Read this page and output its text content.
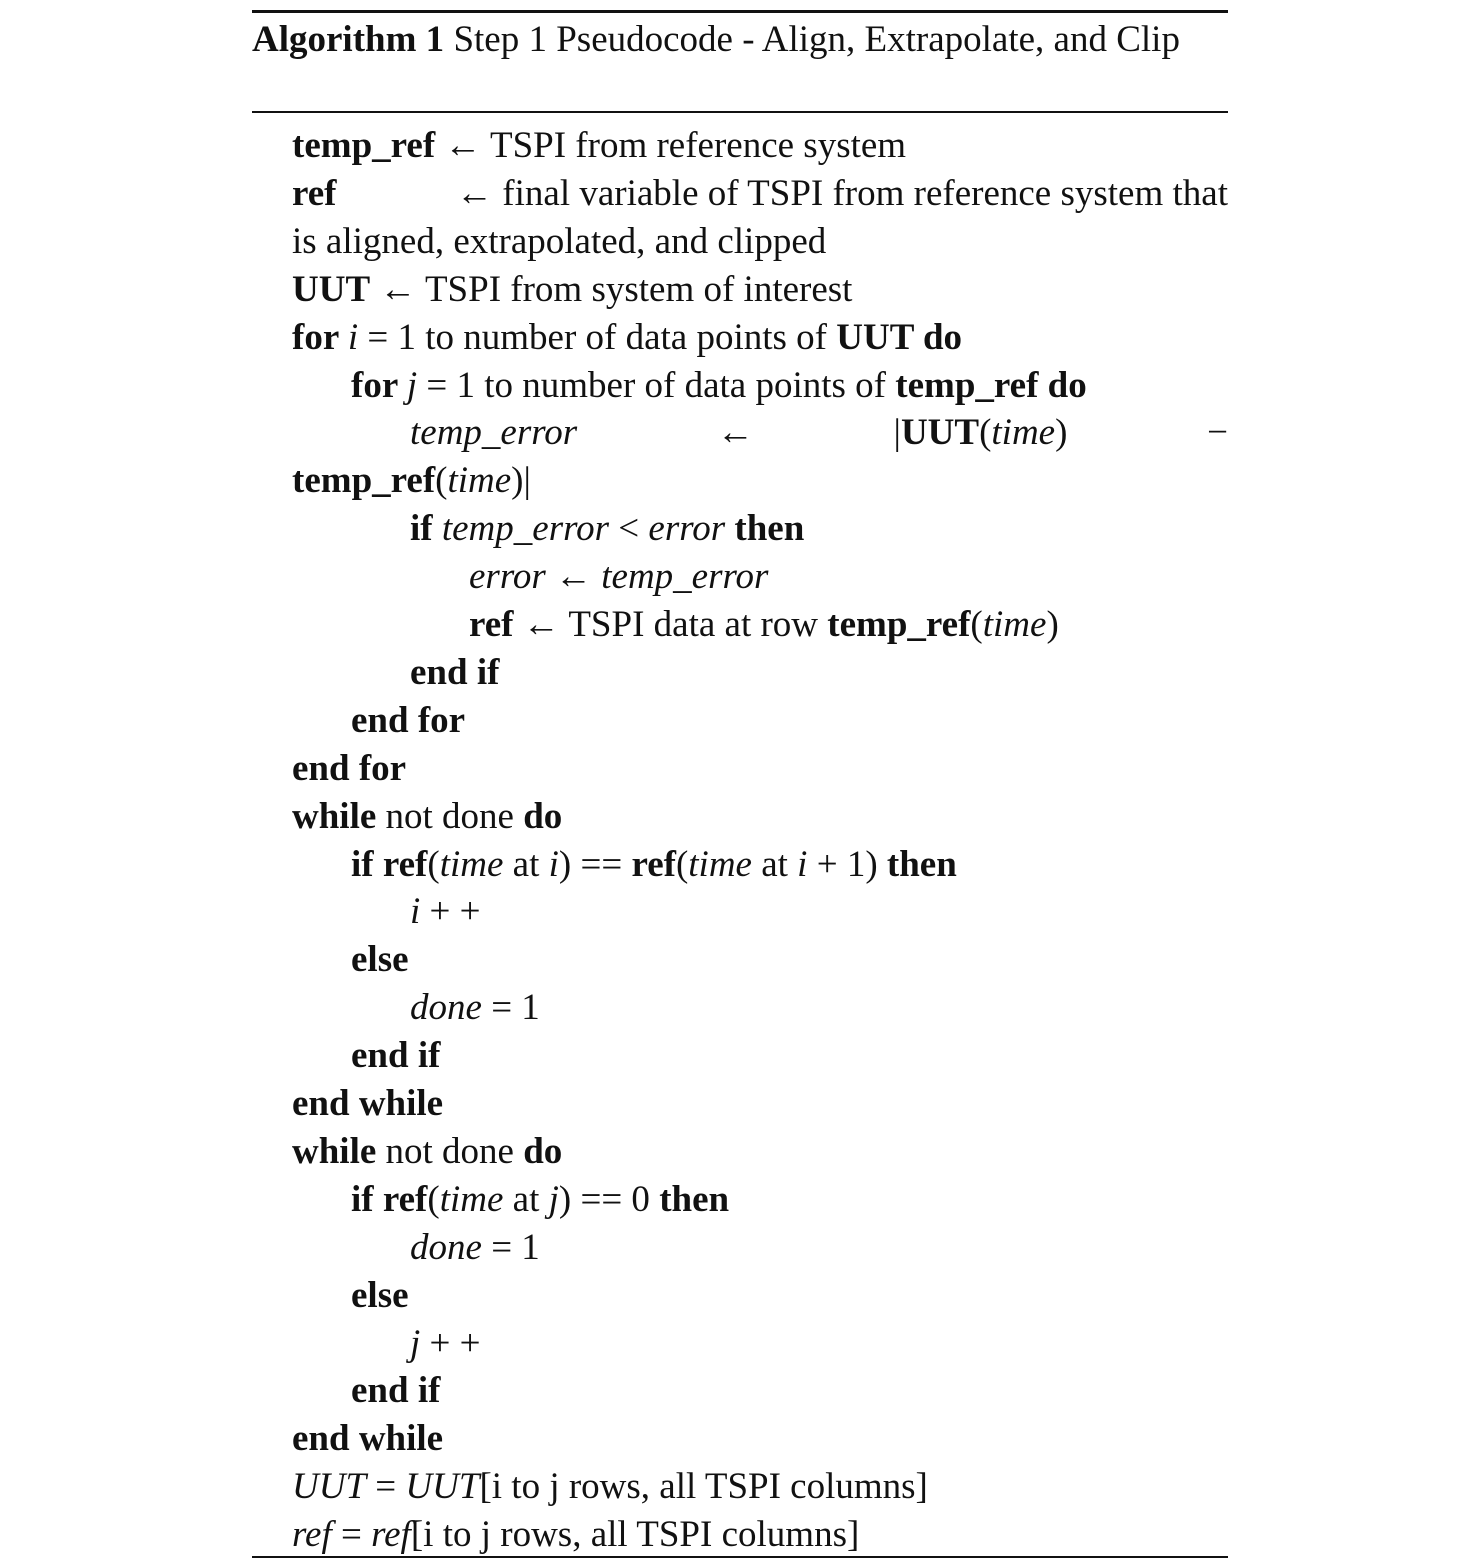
Algorithm 1 Step 1 Pseudocode - Align, Extrapolate, and Clip
temp_ref ← TSPI from reference system
ref	← final variable of TSPI from reference system that
is aligned, extrapolated, and clipped
UUT ← TSPI from system of interest
for i = 1 to number of data points of UUT do
for j = 1 to number of data points of temp_ref do
temp_error	←	|UUT(time)	−
temp_ref(time)|
if temp_error < error then
error ← temp_error
ref ← TSPI data at row temp_ref(time)
end if
end for
end for
while not done do
if ref(time at i) == ref(time at i + 1) then
i + +
else
done = 1
end if
end while
while not done do
if ref(time at j) == 0 then
done = 1
else
j + +
end if
end while
UUT = UUT[i to j rows, all TSPI columns]
ref = ref[i to j rows, all TSPI columns]
